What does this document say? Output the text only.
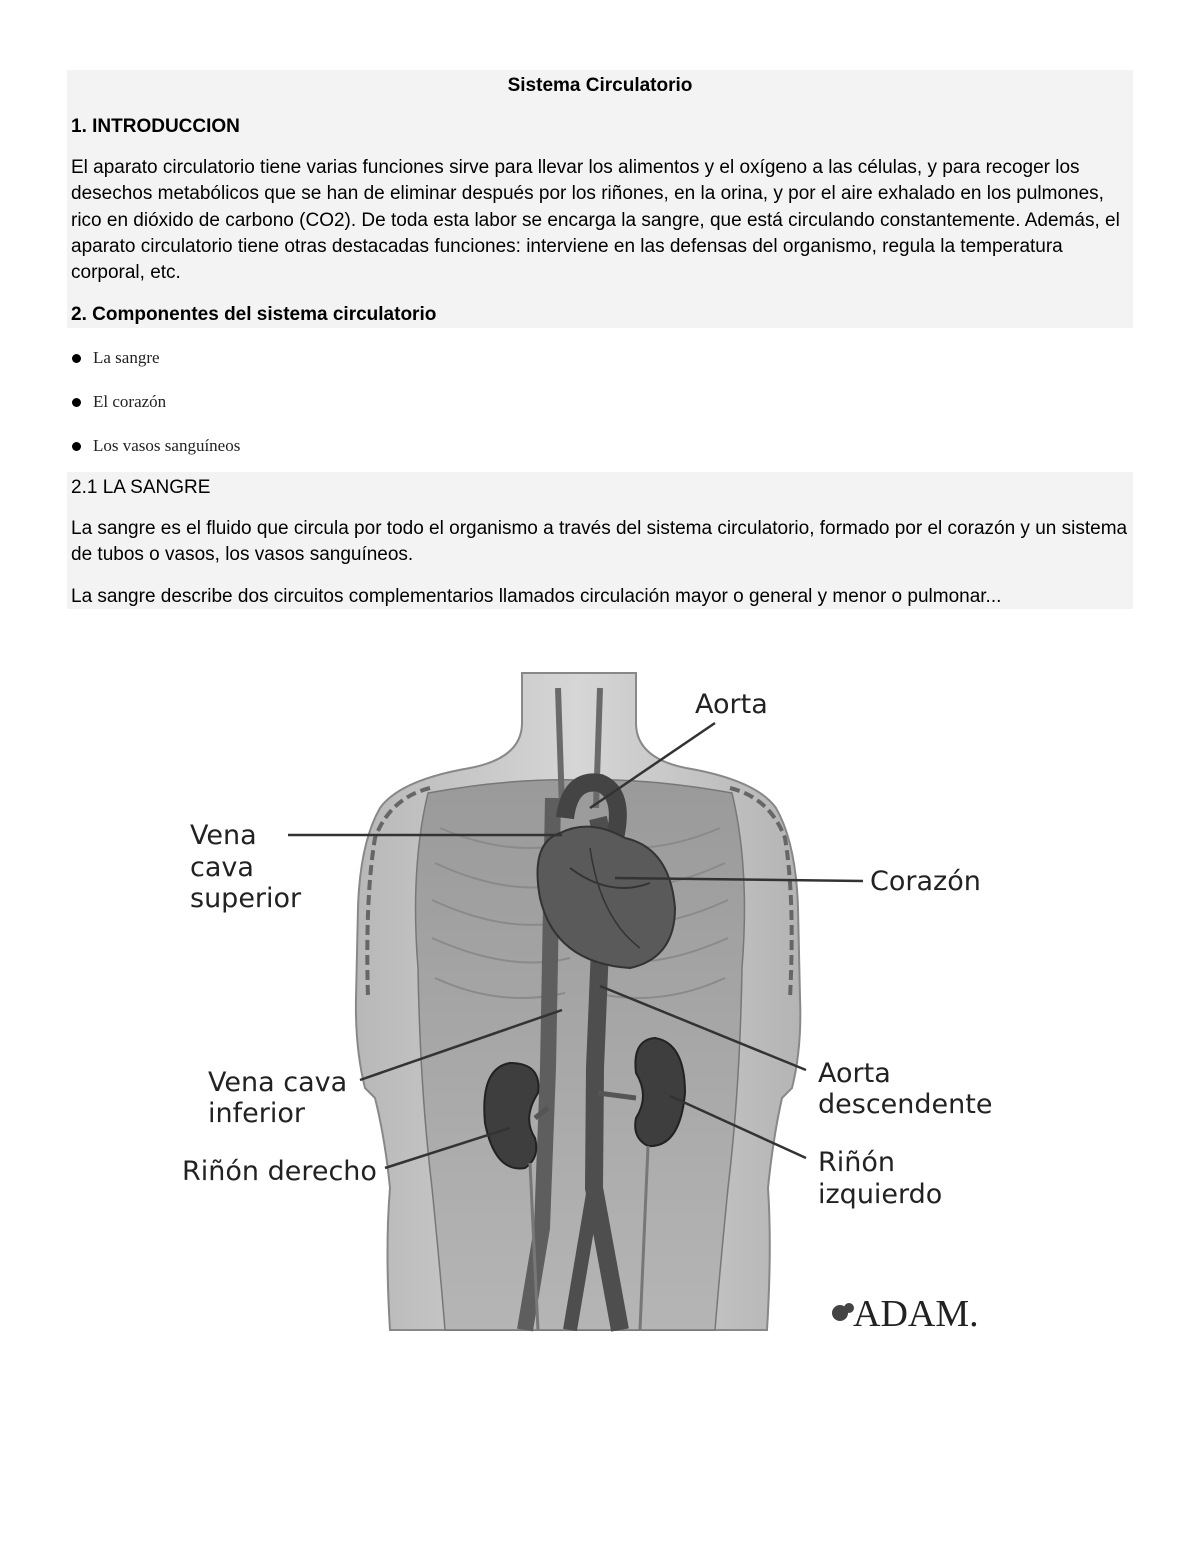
Sistema Circulatorio
1. INTRODUCCION
El aparato circulatorio tiene varias funciones sirve para llevar los alimentos y el oxígeno a las células, y para recoger los desechos metabólicos que se han de eliminar después por los riñones, en la orina, y por el aire exhalado en los pulmones, rico en dióxido de carbono (CO2). De toda esta labor se encarga la sangre, que está circulando constantemente. Además, el aparato circulatorio tiene otras destacadas funciones: interviene en las defensas del organismo, regula la temperatura corporal, etc.
2. Componentes del sistema circulatorio
La sangre
El corazón
Los vasos sanguíneos
2.1 LA SANGRE
La sangre es el fluido que circula por todo el organismo a través del sistema circulatorio, formado por el corazón y un sistema de tubos o vasos, los vasos sanguíneos.
La sangre describe dos circuitos complementarios llamados circulación mayor o general y menor o pulmonar...
Aorta
Vena
cava
superior
Corazón
Vena cava
inferior
Aorta
descendente
Riñón derecho	Riñón
izquierdo
ADAM.
